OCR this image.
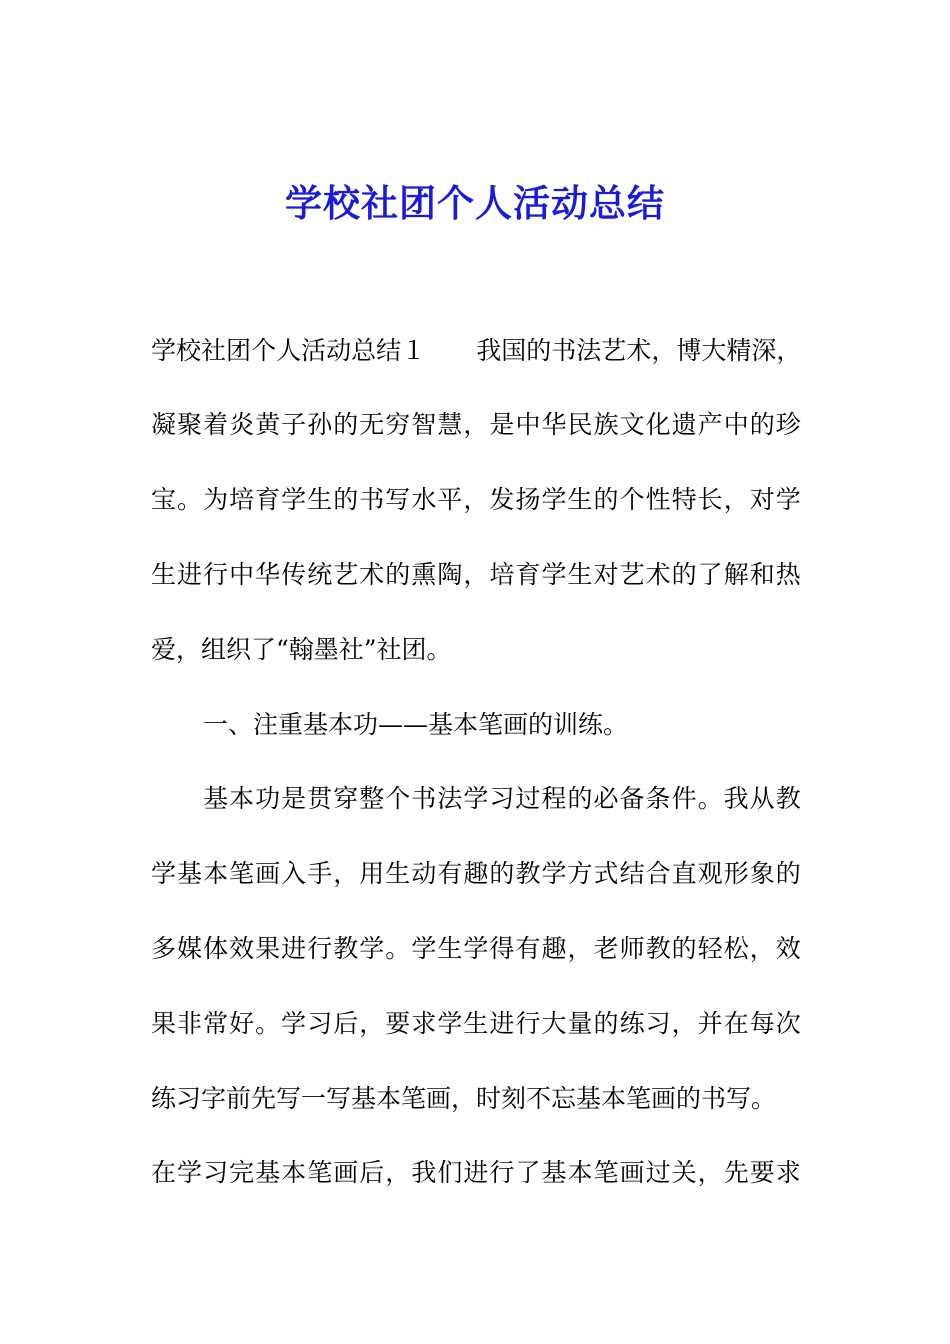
学校社团个人活动总结
学 校 社 团 个 人 活 动 总 结 １

　 我 国 的 书 法 艺 术 ， 博 大 精 深 ，
凝 聚 着 炎 黄 子 孙 的 无 穷 智 慧 ， 是 中 华 民 族 文 化 遗 产 中 的 珍
宝 。 为 培 育 学 生 的 书 写 水 平 ， 发 扬 学 生 的 个 性 特 长 ， 对 学
生 进 行 中 华 传 统 艺 术 的 熏 陶 ， 培 育 学 生 对 艺 术 的 了 解 和 热
爱，组织了“翰墨社”社团。
一、注重基本功——基本笔画的训练。
基 本 功 是 贯 穿 整 个 书 法 学 习 过 程 的 必 备 条 件 。 我 从 教
学 基 本 笔 画 入 手 ， 用 生 动 有 趣 的 教 学 方 式 结 合 直 观 形 象 的
多 媒 体 效 果 进 行 教 学 。 学 生 学 得 有 趣 ， 老 师 教 的 轻 松 ， 效
果 非 常 好 。 学 习 后 ， 要 求 学 生 进 行 大 量 的 练 习 ， 并 在 每 次
练习字前先写一写基本笔画，时刻不忘基本笔画的书写。
在 学 习 完 基 本 笔 画 后 ， 我 们 进 行 了 基 本 笔 画 过 关 ， 先 要 求
